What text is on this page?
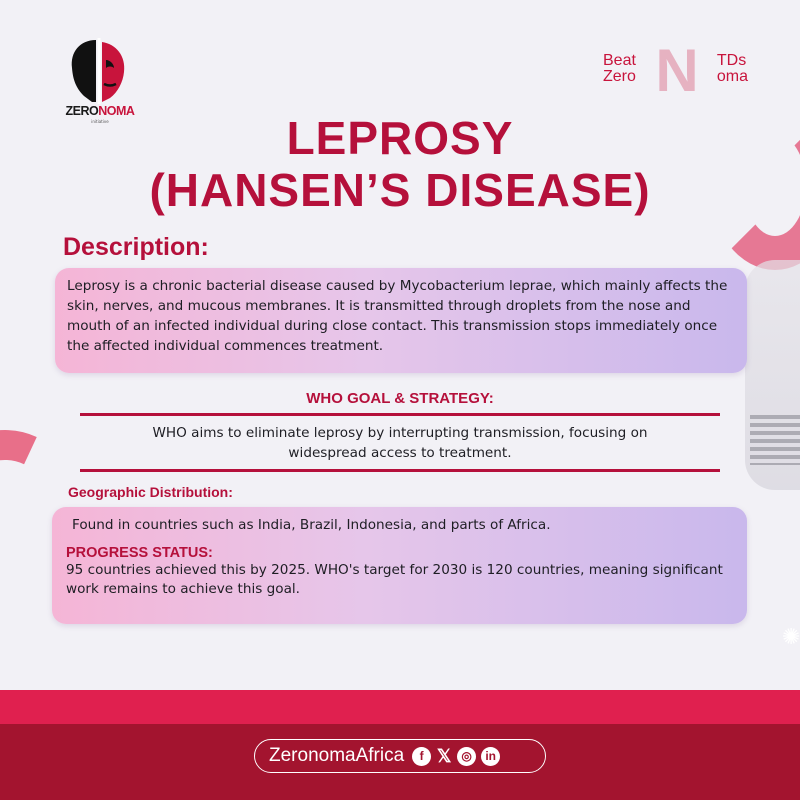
✺
ZERONOMA
initiative
Beat
Zero N TDs
oma
LEPROSY
(HANSEN’S DISEASE)
Description:

Leprosy is a chronic bacterial disease caused by Mycobacterium leprae, which mainly affects the skin, nerves, and mucous membranes. It is transmitted through droplets from the nose and mouth of an infected individual during close contact. This transmission stops immediately once the affected individual commences treatment.

WHO GOAL & STRATEGY:
WHO aims to eliminate leprosy by interrupting transmission, focusing on widespread access to treatment.
Geographic Distribution:

Found in countries such as India, Brazil, Indonesia, and parts of Africa.

PROGRESS STATUS:

95 countries achieved this by 2025. WHO's target for 2030 is 120 countries, meaning significant work remains to achieve this goal.

ZeronomaAfrica	f 𝕏 ◎	in
